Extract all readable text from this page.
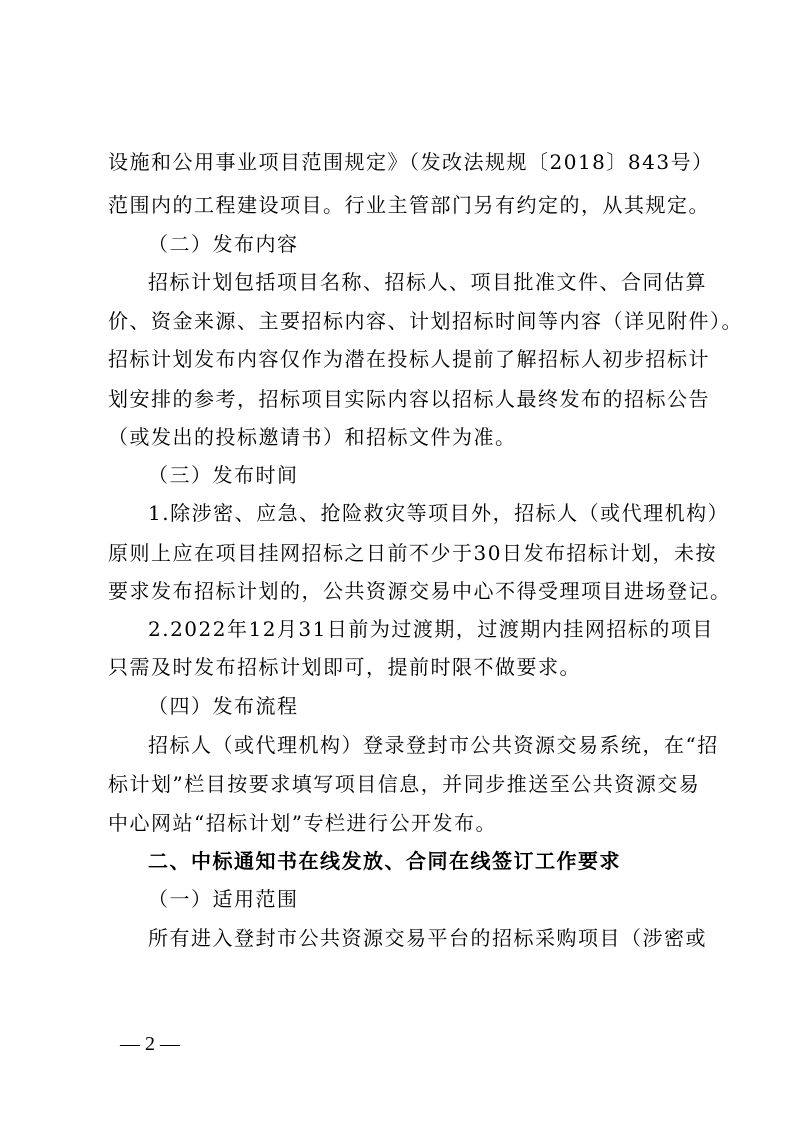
设施和公用事业项目范围规定》（发改法规规〔2018〕843号）
范围内的工程建设项目。行业主管部门另有约定的，从其规定。
（二）发布内容
招标计划包括项目名称、招标人、项目批准文件、合同估算
价、资金来源、主要招标内容、计划招标时间等内容（详见附件）。
招标计划发布内容仅作为潜在投标人提前了解招标人初步招标计
划安排的参考，招标项目实际内容以招标人最终发布的招标公告
（或发出的投标邀请书）和招标文件为准。
（三）发布时间
1.除涉密、应急、抢险救灾等项目外，招标人（或代理机构）
原则上应在项目挂网招标之日前不少于30日发布招标计划，未按
要求发布招标计划的，公共资源交易中心不得受理项目进场登记。
2.2022年12月31日前为过渡期，过渡期内挂网招标的项目
只需及时发布招标计划即可，提前时限不做要求。
（四）发布流程
招标人（或代理机构）登录登封市公共资源交易系统，在“招
标计划”栏目按要求填写项目信息，并同步推送至公共资源交易
中心网站“招标计划”专栏进行公开发布。
二、中标通知书在线发放、合同在线签订工作要求
（一）适用范围
所有进入登封市公共资源交易平台的招标采购项目（涉密或
— 2 —
